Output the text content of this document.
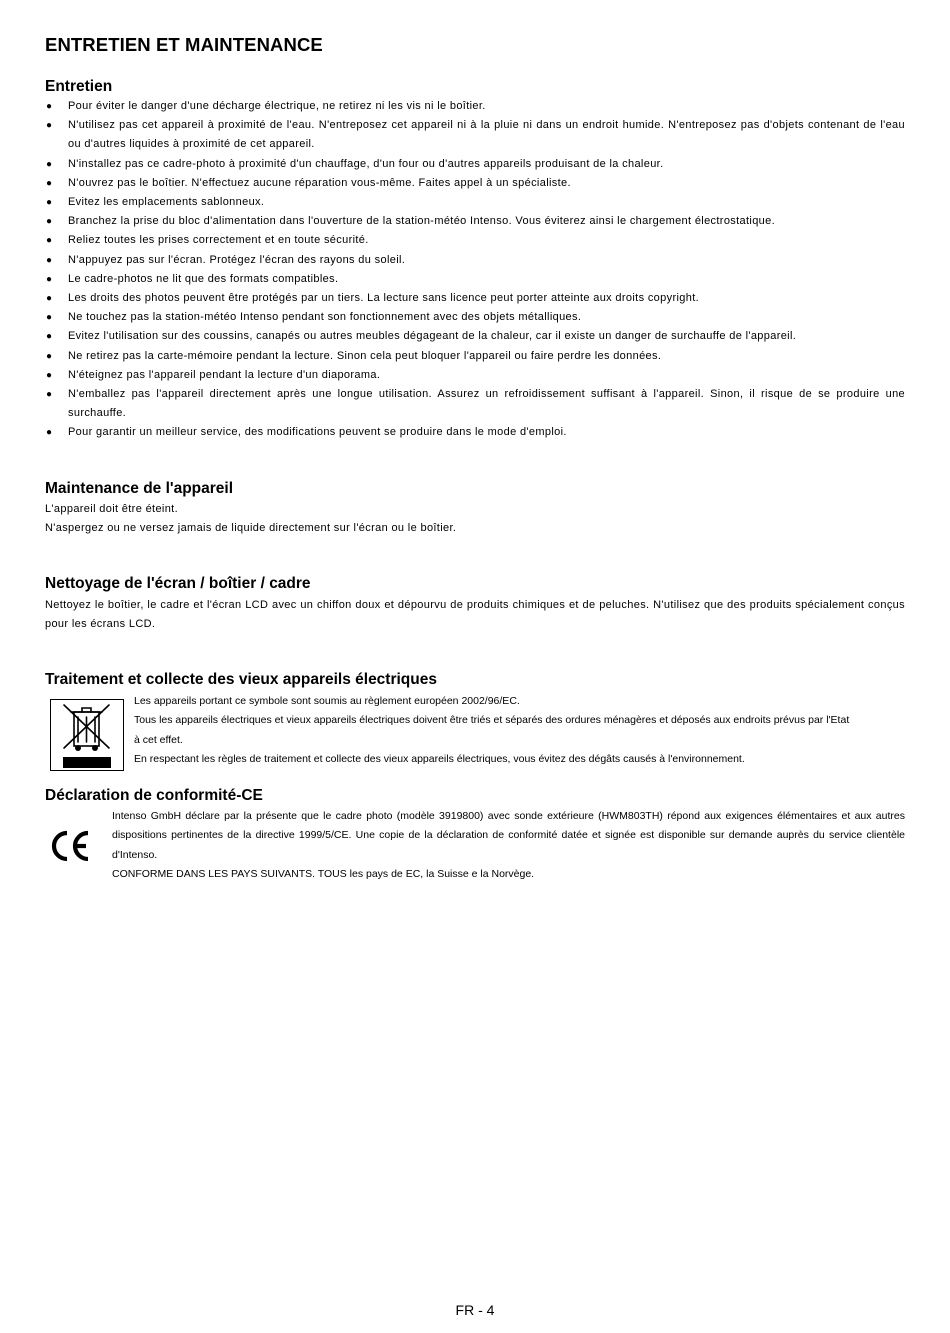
ENTRETIEN ET MAINTENANCE
Entretien
● Pour éviter le danger d'une décharge électrique, ne retirez ni les vis ni le boîtier.
● N'utilisez pas cet appareil à proximité de l'eau. N'entreposez cet appareil ni à la pluie ni dans un endroit humide. N'entreposez pas d'objets contenant de l'eau ou d'autres liquides à proximité de cet appareil.
● N'installez pas ce cadre-photo à proximité d'un chauffage, d'un four ou d'autres appareils produisant de la chaleur.
● N'ouvrez pas le boîtier. N'effectuez aucune réparation vous-même. Faites appel à un spécialiste.
● Evitez les emplacements sablonneux.
● Branchez la prise du bloc d'alimentation dans l'ouverture de la station-météo Intenso. Vous éviterez ainsi le chargement électrostatique.
● Reliez toutes les prises correctement et en toute sécurité.
● N'appuyez pas sur l'écran. Protégez l'écran des rayons du soleil.
● Le cadre-photos ne lit que des formats compatibles.
● Les droits des photos peuvent être protégés par un tiers. La lecture sans licence peut porter atteinte aux droits copyright.
● Ne touchez pas la station-météo Intenso pendant son fonctionnement avec des objets métalliques.
● Evitez l'utilisation sur des coussins, canapés ou autres meubles dégageant de la chaleur, car il existe un danger de surchauffe de l'appareil.
● Ne retirez pas la carte-mémoire pendant la lecture. Sinon cela peut bloquer l'appareil ou faire perdre les données.
● N'éteignez pas l'appareil pendant la lecture d'un diaporama.
● N'emballez pas l'appareil directement après une longue utilisation. Assurez un refroidissement suffisant à l'appareil. Sinon, il risque de se produire une surchauffe.
● Pour garantir un meilleur service, des modifications peuvent se produire dans le mode d'emploi.
Maintenance de l'appareil
L'appareil doit être éteint.
N'aspergez ou ne versez jamais de liquide directement sur l'écran ou le boîtier.
Nettoyage de l'écran / boîtier / cadre
Nettoyez le boîtier, le cadre et l'écran LCD avec un chiffon doux et dépourvu de produits chimiques et de peluches. N'utilisez que des produits spécialement conçus pour les écrans LCD.
Traitement et collecte des vieux appareils électriques
Les appareils portant ce symbole sont soumis au règlement européen 2002/96/EC.
Tous les appareils électriques et vieux appareils électriques doivent être triés et séparés des ordures ménagères et déposés aux endroits prévus par l'Etat à cet effet.
En respectant les règles de traitement et collecte des vieux appareils électriques, vous évitez des dégâts causés à l'environnement.
Déclaration de conformité-CE
Intenso GmbH déclare par la présente que le cadre photo (modèle 3919800) avec sonde extérieure (HWM803TH) répond aux exigences élémentaires et aux autres dispositions pertinentes de la directive 1999/5/CE. Une copie de la déclaration de conformité datée et signée est disponible sur demande auprès du service clientèle d'Intenso.
CONFORME DANS LES PAYS SUIVANTS. TOUS les pays de EC, la Suisse e la Norvège.
FR - 4
